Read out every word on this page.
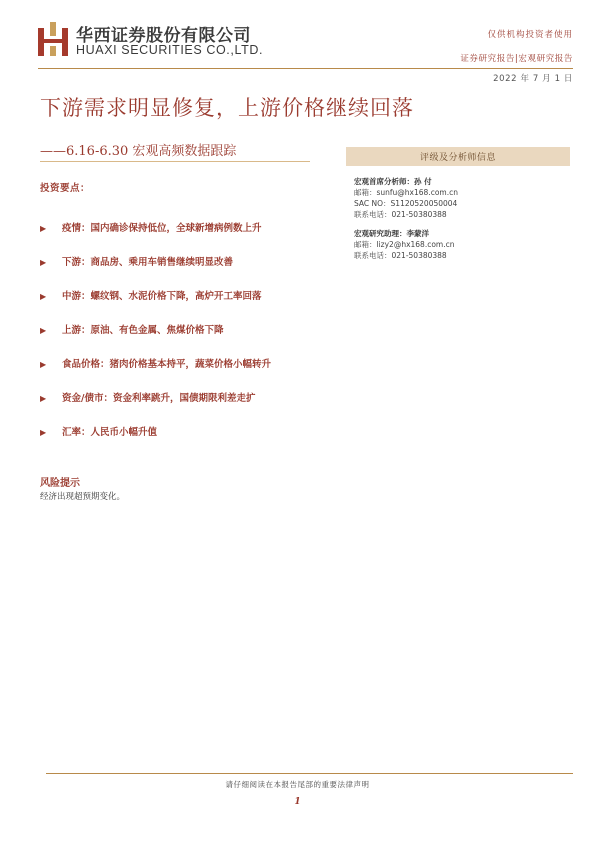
华西证券股份有限公司
HUAXI SECURITIES CO.,LTD.
仅供机构投资者使用
证券研究报告|宏观研究报告
2022 年 7 月 1 日
下游需求明显修复，上游价格继续回落
——6.16-6.30 宏观高频数据跟踪	评级及分析师信息
宏观首席分析师：孙 付
邮箱：sunfu@hx168.com.cn
SAC NO：S1120520050004
联系电话：021-50380388
宏观研究助理：李蒙洋
邮箱：lizy2@hx168.com.cn
联系电话：021-50380388
投资要点：
▶ 疫情：国内确诊保持低位，全球新增病例数上升
▶ 下游：商品房、乘用车销售继续明显改善
▶ 中游：螺纹钢、水泥价格下降，高炉开工率回落
▶ 上游：原油、有色金属、焦煤价格下降
▶ 食品价格：猪肉价格基本持平，蔬菜价格小幅转升
▶ 资金/债市：资金利率跳升，国债期限利差走扩
▶ 汇率：人民币小幅升值
风险提示
经济出现超预期变化。
请仔细阅读在本报告尾部的重要法律声明
1
